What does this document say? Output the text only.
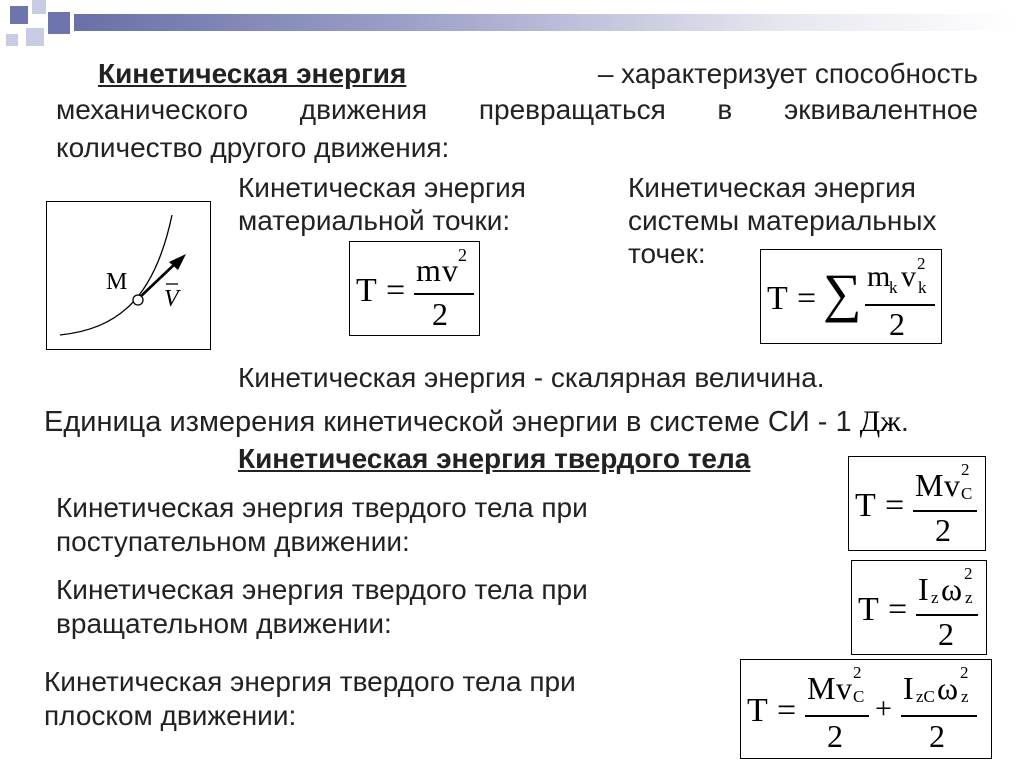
Кинетическая энергия	– характеризует способность
механического движения превращаться в эквивалентное
количество другого движения:
M
V
Кинетическая энергия
материальной точки:
T =
m v 2
2
Кинетическая энергия
системы материальных
точек:
T = ∑ m
k v 2
k
2
Кинетическая энергия - скалярная величина.
Единица измерения кинетической энергии в системе СИ - 1 Дж.
Кинетическая энергия твердого тела
Кинетическая энергия твердого тела при
поступательном движении:
T =
M v 2
C
2
Кинетическая энергия твердого тела при
вращательном движении:	T =
I z ω 2
z
2
Кинетическая энергия твердого тела при
плоском движении:	T =
M v 2
C
2
+
I zC ω 2
z
2
